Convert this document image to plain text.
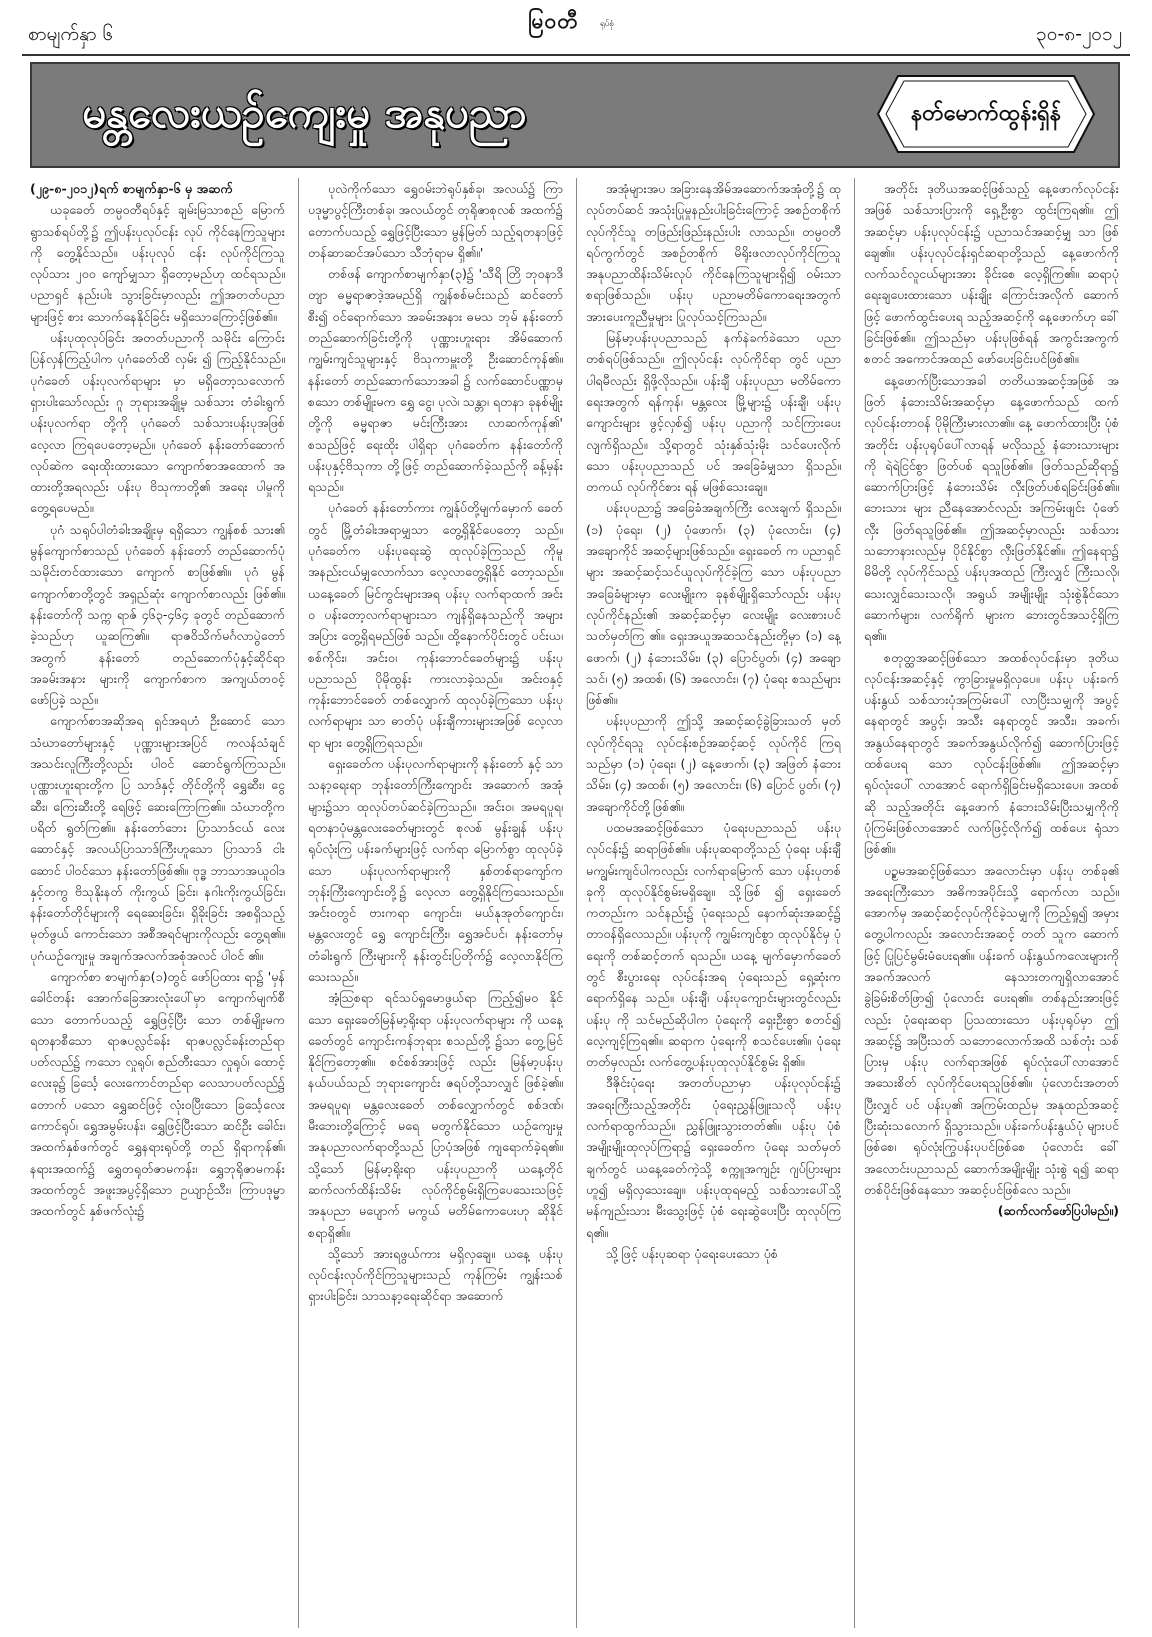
စာမျက်နှာ ၆
မြဝတီ	ရုပ်စုံ	၃၀-၈-၂၀၁၂
မန္တလေးယဉ်ကျေးမှု အနုပညာ	နတ်မောက်ထွန်းရှိန်

(၂၉-၈-၂၀၁၂)ရက် စာမျက်နှာ-၆ မှ အဆက်

ယခုခေတ် တမ္ပဝတီရပ်နှင့် ချမ်းမြသာစည် မြောက် ရွာသစ်ရပ်တို့၌ ဤပန်းပုလုပ်ငန်း လုပ် ကိုင်နေကြသူများကို တွေ့နိုင်သည်။ ပန်းပုလုပ် ငန်း လုပ်ကိုင်ကြသူ လုပ်သား ၂၀၀ ကျော်မျှသာ ရှိတော့မည်ဟု ထင်ရသည်။ ပညာရှင် နည်းပါး သွားခြင်းမှာလည်း ဤအတတ်ပညာများဖြင့် စား သောက်နေနိုင်ခြင်း မရှိသောကြောင့်ဖြစ်၏။

ပန်းပုထုလုပ်ခြင်း အတတ်ပညာကို သမိုင်း ကြောင်း ပြန်လှန်ကြည့်ပါက ပုဂံခေတ်ထိ လှမ်း ၍ ကြည့်နိုင်သည်။ ပုဂံခေတ် ပန်းပုလက်ရာများ မှာ မရှိတော့သလောက် ရှားပါးသော်လည်း ဂူ ဘုရားအချို့မှ သစ်သား တံခါးရွက် ပန်းပုလက်ရာ တို့ကို ပုဂံခေတ် သစ်သားပန်းပုအဖြစ် လေ့လာ ကြရပေတော့မည်။ ပုဂံခေတ် နန်းတော်ဆောက် လုပ်ဆဲက ရေးထိုးထားသော ကျောက်စာအထောက် အထားတို့အရလည်း ပန်းပု ဗိသုကာတို့၏ အရေး ပါမှုကို တွေ့ရပေမည်။

ပုဂံ သရုပ်ပါတံခါးအချိုးမှ ရရှိသော ကျွန်စစ် သား၏ မွန်ကျောက်စာသည် ပုဂံခေတ် နန်းတော် တည်ဆောက်ပုံ သမိုင်းတင်ထားသော ကျောက် စာဖြစ်၏။ ပုဂံ မွန်ကျောက်စာတို့တွင် အရှည်ဆုံး ကျောက်စာလည်း ဖြစ်၏။ နန်းတော်ကို သက္က ရာဇ် ၄၆၃-၄၆၄ ခုတွင် တည်ဆောက်ခဲ့သည်ဟု ယူဆကြ၏။ ရာဇဝိသိက်မင်္ဂလာပွဲတော်အတွက် နန်းတော် တည်ဆောက်ပုံနှင့်ဆိုင်ရာ အခမ်းအနား များကို ကျောက်စာက အကျယ်တဝင့် ဖော်ပြခဲ့ သည်။

ကျောက်စာအဆိုအရ ရှင်အရဟံ ဦးဆောင် သော သံဃာတော်များနှင့် ပုဏ္ဏားများအပြင် ကလန်သံချင် အသင်းလူကြီးတို့လည်း ပါဝင် ဆောင်ရွက်ကြသည်။ ပုဏ္ဏားဟူးရားတို့က ပြ သာဒ်နှင့် တိုင်တို့ကို ရွှေဆီး၊ ငွေဆီး၊ ကြေးဆီးတို့ ရေဖြင့် ဆေးကြောကြ၏။ သံဃာတို့က ပရိတ် ရွတ်ကြ၏။ နန်းတော်ဘေး ပြာသာဒ်ငယ် လေး ဆောင်နှင့် အလယ်ပြာသာဒ်ကြီးဟူသော ပြာသာဒ် ငါးဆောင် ပါဝင်သော နန်းတော်ဖြစ်၏။ ဗုဒ္ဓ ဘာသာအယူဝါဒနှင့်တကွ ဗိသုနိုးနတ် ကိုးကွယ် ခြင်း၊ နဂါးကိုးကွယ်ခြင်း၊ နန်းတော်တိုင်များကို ရေဆေးခြင်း၊ ရှိခိုးခြင်း အစရှိသည့် မုတ်ဖွယ် ကောင်းသော အစီအရင်များကိုလည်း တွေ့ရ၏။ ပုဂံယဉ်ကျေးမှု အချက်အလက်အစုံအလင် ပါဝင် ၏။

ကျောက်စာ စာမျက်နှာ(၁)တွင် ဖော်ပြထား ရာ၌ 'မှန်ခေါင်တန်း အောက်ခြေအားလုံးပေါ်မှာ ကျောက်မျက်စီသော တောက်ပသည့် ရွှေဖြင့်ပြီး သော တစ်မျိုးမက ရတနာစီသော ရာဇပလ္လင်ခန်း ရာဇပလ္လင်ခန်းတည်ရာ ပတ်လည်၌ ကသော လှုရုပ်၊ စည်တီးသော လှုရုပ်၊ ထောင့်လေးခု၌ ခြင်္သေ့ လေးကောင်တည်ရာ လေသာပတ်လည်၌ တောက် ပသော ရွှေဆင်ဖြင့် လုံးဝပြီးသော ခြင်္သေ့လေး ကောင်ရုပ်၊ ရွှေအမွမ်းပန်း၊ ရွှေဖြင့်ပြီးသော ဆင်ဦး ခေါင်း၊ အထက်နှစ်ဖက်တွင် ရွှေနရားရုပ်တို့ တည် ရှိရာကုန်၏၊ နရားအထက်၌ ရွှေတရုတ်ဇာမကန်း၊ ရွှေဘုရိုဇာမကန်းအထက်တွင် အဖူးအပွင့်ရှိသော ဥယျာဉ်သီး၊ ကြာပဒုမ္မာအထက်တွင် နှစ်ဖက်လုံး၌

ပုလဲကိုက်သော ရွှေဝမ်းဘဲရုပ်နှစ်ခု၊ အလယ်၌ ကြာ ပဒုမ္မာပွင့်ကြီးတစ်ခု၊ အလယ်တွင် တုရိုဇာစုလစ် အထက်၌ တောက်ပသည့် ရွှေဖြင့်ပြီးသော မွန်မြတ် သည့်ရတနာဖြင့် တန်ဆာဆင်အပ်သော သီဘုံရာမ ရှိ၏။'

တစ်ဖန် ကျောက်စာမျက်နှာ(၃)၌ 'သီရိ တြိ ဘုဝနာဒိတျာ ဓမ္မရာဇာဒဲ့အမည်ရှိ ကျွန်စစ်မင်းသည် ဆင်တော်စီး၍ ဝင်ရောက်သော အခမ်းအနား ဓမသ ဘုမ် နန်းတော်တည်ဆောက်ခြင်းတို့ကို ပုဏ္ဏားဟူးရား အိမ်ဆောက်ကျွမ်းကျင်သူများနှင့် ဗိသုကာမှူးတို့ ဦးဆောင်ကုန်၏။ နန်းတော် တည်ဆောက်သောအခါ ၌ လက်ဆောင်ပဏ္ဏာမှ စသော တစ်မျိုးမက ရွှေ ငွေ၊ ပုလဲ၊ သန္တာ၊ ရတနာ ခုနစ်မျိုးတို့ကို ဓမ္မရာဇာ မင်းကြီးအား လာဆက်ကုန်၏' စသည်ဖြင့် ရေးထိုး ပါရှိရာ ပုဂံခေတ်က နန်းတော်ကို ပန်းပုနှင့်ဗိသုကာ တို့ဖြင့် တည်ဆောက်ခဲ့သည်ကို ခန့်မှန်းရသည်။

ပုဂံခေတ် နန်းတော်ကား ကျွန်ုပ်တို့မျက်မှောက် ခေတ်တွင် မြို့တံခါးအရာမျှသာ တွေ့ရှိနိုင်ပေတော့ သည်။ ပုဂံခေတ်က ပန်းပုရေးဆွဲ ထုလုပ်ခဲ့ကြသည် ကိုမူ အနည်းငယ်မျှလောက်သာ လေ့လာတွေ့ရှိနိုင် တော့သည်။ ယနေ့ခေတ် မြင်ကွင်းများအရ ပန်းပု လက်ရာထက် အင်းဝ ပန်းတော့လက်ရာများသာ ကျန်ရှိနေသည်ကို အများအပြား တွေ့ရှိရမည်ဖြစ် သည်။ ထို့နောက်ပိုင်းတွင် ပင်းယ၊ စစ်ကိုင်း၊ အင်းဝ၊ ကုန်းဘောင်ခေတ်များ၌ ပန်းပုပညာသည် ပိုမိုထွန်း ကားလာခဲ့သည်။ အင်းဝနှင့် ကုန်းဘောင်ခေတ် တစ်လျှောက် ထုလုပ်ခဲ့ကြသော ပန်းပုလက်ရာများ သာ ဓာတ်ပုံ ပန်းချီကားများအဖြစ် လေ့လာရာ များ တွေ့ရှိကြရသည်။

ရှေးခေတ်က ပန်းပုလက်ရာများကို နန်းတော် နှင့် သာသနာ့ရေးရာ ဘုန်းတော်ကြီးကျောင်း အဆောက် အအုံများ၌သာ ထုလုပ်တပ်ဆင်ခဲ့ကြသည်။ အင်းဝ၊ အမရပူရ၊ ရတနာပုံမန္တလေးခေတ်များတွင် စုလစ် မွန်းချွန် ပန်းပုရုပ်လုံးကြ ပန်းခက်များဖြင့် လက်ရာ မြောက်စွာ ထုလုပ်ခဲ့သော ပန်းပုလက်ရာများကို နှစ်တစ်ရာကျော်က ဘုန်းကြီးကျောင်းတို့၌ လေ့လာ တွေ့ရှိနိုင်ကြသေးသည်။ အင်းဝတွင် ဗားကရာ ကျောင်း၊ မယ်နုအုတ်ကျောင်း၊ မန္တလေးတွင် ရွှေ ကျောင်းကြီး၊ ရွှေအင်ပင်၊ နန်းတော်မှ တံခါးရွက် ကြီးများကို နန်းတွင်းပြတိုက်၌ လေ့လာနိုင်ကြ သေးသည်။

အံ့သြစရာ ရင်သပ်ရှုမောဖွယ်ရာ ကြည့်၍မဝ နိုင်သော ရှေးခေတ်မြန်မာ့ရိုးရာ ပန်းပုလက်ရာများ ကို ယနေ့ခေတ်တွင် ကျောင်းကန်ဘုရား စသည်တို့ ၌သာ တွေ့မြင်နိုင်ကြတော့၏။ စင်စစ်အားဖြင့် လည်း မြန်မာ့ပန်းပုနယ်ပယ်သည် ဘုရားကျောင်း ဇရပ်တို့သာလျှင် ဖြစ်ခဲ့၏။ အမရပူရ၊ မန္တလေးခေတ် တစ်လျှောက်တွင် စစ်ဒဏ်၊ မီးဘေးတို့ကြောင့် မရေ မတွက်နိုင်သော ယဉ်ကျေးမှုအနုပညာလက်ရာတို့သည် ပြာပုံအဖြစ် ကျရောက်ခဲ့ရ၏။ သို့သော် မြန်မာ့ရိုးရာ ပန်းပုပညာကို ယနေ့တိုင် ဆက်လက်ထိန်းသိမ်း လုပ်ကိုင်စွမ်းရှိကြပေသေးသဖြင့် အနုပညာ မပျောက် မကွယ် မတိမ်ကောပေးဟု ဆိုနိုင်စရာရှိ၏။

သို့သော် အားရဖွယ်ကား မရှိလှချေ။ ယနေ့ ပန်းပုလုပ်ငန်းလုပ်ကိုင်ကြသူများသည် ကုန်ကြမ်း ကျွန်းသစ်ရှားပါးခြင်း၊ သာသနာ့ရေးဆိုင်ရာ အဆောက်

အအုံများအပ အခြားနေအိမ်အဆောက်အအုံတို့၌ ထုလုပ်တပ်ဆင် အသုံးပြုမှုနည်းပါးခြင်းကြောင့် အစဉ်တစိုက် လုပ်ကိုင်သူ တဖြည်းဖြည်းနည်းပါး လာသည်။ တမ္ပဝတီရပ်ကွက်တွင် အစဉ်တစိုက် မိရိုးဖလာလုပ်ကိုင်ကြသူ အနုပညာထိန်းသိမ်းလုပ် ကိုင်နေကြသူများရှိ၍ ဝမ်းသာစရာဖြစ်သည်။ ပန်းပု ပညာမတိမ်ကောရေးအတွက် အားပေးကူညီမှုများ ပြုလုပ်သင့်ကြသည်။

မြန်မာ့ပန်းပုပညာသည် နက်နဲခက်ခဲသော ပညာတစ်ရပ်ဖြစ်သည်။ ဤလုပ်ငန်း လုပ်ကိုင်ရာ တွင် ပညာပါရမီလည်း ရှိဖို့လိုသည်။ ပန်းချီ ပန်းပုပညာ မတိမ်ကောရေးအတွက် ရန်ကုန်၊ မန္တလေး မြို့များ၌ ပန်းချီ၊ ပန်းပုကျောင်းများ ဖွင့်လှစ်၍ ပန်းပု ပညာကို သင်ကြားပေးလျက်ရှိသည်။ သို့ရာတွင် သုံးနှစ်သုံးမိုး သင်ပေးလိုက်သော ပန်းပုပညာသည် ပင် အခြေခံမျှသာ ရှိသည်။ တကယ် လုပ်ကိုင်စား ရန် မဖြစ်သေးချေ။

ပန်းပုပညာ၌ အခြေခံအချက်ကြီး လေးချက် ရှိသည်။ (၁) ပုံရေး၊ (၂) ပုံဖောက်၊ (၃) ပုံလောင်း၊ (၄) အချောကိုင် အဆင့်များဖြစ်သည်။ ရှေးခေတ် က ပညာရှင်များ အဆင့်ဆင့်သင်ယူလုပ်ကိုင်ခဲ့ကြ သော ပန်းပုပညာအခြေခံများမှာ လေးမျိုးက ခုနစ်မျိုးရှိသော်လည်း ပန်းပုလုပ်ကိုင်နည်း၏ အဆင့်ဆင့်မှာ လေးမျိုး လေးစားပင် သတ်မှတ်ကြ ၏။ ရှေးအယူအဆသင်နည်းတို့မှာ (၁) နေ့ဖောက်၊ (၂) နံဘေးသိမ်း၊ (၃) ပြောင်ပွတ်၊ (၄) အချော သင်၊ (၅) အထစ်၊ (၆) အလောင်း၊ (၇) ပုံရေး စသည်များ ဖြစ်၏။

ပန်းပုပညာကို ဤသို့ အဆင့်ဆင့်ခွဲခြားသတ် မှတ်လုပ်ကိုင်ရသူ လုပ်ငန်းစဉ်အဆင့်ဆင့် လုပ်ကိုင် ကြရသည်မှာ (၁) ပုံရေး၊ (၂) နေ့ဖောက်၊ (၃) အဖြတ် နံဘေးသိမ်း၊ (၄) အထစ်၊ (၅) အလောင်း၊ (၆) ပြောင် ပွတ်၊ (၇) အချောကိုင်တို့ဖြစ်၏။

ပထမအဆင့်ဖြစ်သော ပုံရေးပညာသည် ပန်းပု လုပ်ငန်း၌ ဆရာဖြစ်၏။ ပန်းပုဆရာတို့သည် ပုံရေး ပန်းချီ မကျွမ်းကျင်ပါကလည်း လက်ရာမြောက် သော ပန်းပုတစ်ခုကို ထုလုပ်နိုင်စွမ်းမရှိချေ။ သို့ဖြစ် ၍ ရှေးခေတ်ကတည်းက သင်နည်း၌ ပုံရေးသည် နောက်ဆုံးအဆင့်၌ တာဝန်ရှိလေသည်။ ပန်းပုကို ကျွမ်းကျင်စွာ ထုလုပ်နိုင်မှ ပုံရေးကို တစ်ဆင့်တက် ရသည်။ ယနေ့ မျက်မှောက်ခေတ်တွင် စီးပွားရေး လုပ်ငန်းအရ ပုံရေးသည် ရှေ့ဆုံးက ရောက်ရှိနေ သည်။ ပန်းချီ၊ ပန်းပုကျောင်းများတွင်လည်း ပန်းပု ကို သင်မည်ဆိုပါက ပုံရေးကို ရှေးဦးစွာ စတင်၍ လေ့ကျင့်ကြရ၏။ ဆရာက ပုံရေးကို စသင်ပေး၏။ ပုံရေးတတ်မှလည်း လက်တွေ့ပန်းပုထုလုပ်နိုင်စွမ်း ရှိ၏။

ဒီဇိုင်းပုံရေး အတတ်ပညာမှာ ပန်းပုလုပ်ငန်း၌ အရေးကြီးသည့်အတိုင်း ပုံရေးညွှန်ဖြူးသလို ပန်းပု လက်ရာထွက်သည်။ ညွှန်ဖြူးသွားတတ်၏။ ပန်းပု ပုံစံအမျိုးမျိုးထုလုပ်ကြရာ၌ ရှေးခေတ်က ပုံရေး သတ်မှတ်ချက်တွင် ယနေ့ခေတ်ကဲ့သို့ စက္ကူအကျဉ်း ဂျပ်ပြားများဟူ၍ မရှိလှသေးချေ။ ပန်းပုထုရမည့် သစ်သားပေါ်သို့ မန်ကျည်းသား မီးသွေးဖြင့် ပုံစံ ရေးဆွဲပေးပြီး ထုလုပ်ကြရ၏။

သို့ဖြင့် ပန်းပုဆရာ ပုံရေးပေးသော ပုံစံ

အတိုင်း ဒုတိယအဆင့်ဖြစ်သည့် နေ့ဖောက်လုပ်ငန်း အဖြစ် သစ်သားပြားကို ရှေ့ဦးစွာ ထွင်းကြရ၏။ ဤအဆင့်မှာ ပန်းပုလုပ်ငန်း၌ ပညာသင်အဆင့်မျှ သာ ဖြစ်ချေ၏။ ပန်းပုလုပ်ငန်းရှင်ဆရာတို့သည် နေ့ဖောက်ကို လက်သင်လူငယ်များအား ခိုင်းစေ လေ့ရှိကြ၏။ ဆရာပုံရေးချပေးထားသော ပန်းချိုး ကြောင်းအလိုက် ဆောက်ဖြင့် ဖောက်ထွင်းပေးရ သည့်အဆင့်ကို နေ့ဖောက်ဟု ခေါ်ခြင်းဖြစ်၏။ ဤသည်မှာ ပန်းပုဖြစ်ရန် အကွင်းအကွက် စတင် အကောင်အထည် ဖော်ပေးခြင်းပင်ဖြစ်၏။

နေ့ဖောက်ပြီးသောအခါ တတိယအဆင့်အဖြစ် အဖြတ် နံဘေးသိမ်းအဆင့်မှာ နေ့ဖောက်သည် ထက် လုပ်ငန်းတာဝန် ပိုမိုကြီးမားလာ၏။ နေ့ ဖောက်ထားပြီး ပုံစံအတိုင်း ပန်းပုရုပ်ပေါ်လာရန် မလိုသည့် နံဘေးသားများကို ရဲရဲငြင်စွာ ဖြတ်ပစ် ရသူဖြစ်၏။ ဖြတ်သည်ဆိုရာ၌ ဆောက်ပြားဖြင့် နံဘေးသိမ်း လှီးဖြတ်ပစ်ရခြင်းဖြစ်၏။ ဘေးသား များ ညီနေအောင်လည်း အကြမ်းဖျင်း ပုံဖော်လှီး ဖြတ်ရသူဖြစ်၏။ ဤအဆင့်မှာလည်း သစ်သား သဘောနားလည်မှ ပိုင်နိုင်စွာ လှီးဖြတ်နိုင်၏။ ဤနေရာ၌ မိမိတို့ လုပ်ကိုင်သည့် ပန်းပုအထည် ကြီးလျှင် ကြီးသလို၊ သေးလျှင်သေးသလို၊ အရွယ် အမျိုးမျိုး သုံးစွဲနိုင်သော ဆောက်များ၊ လက်ရိုက် များက ဘေးတွင်အသင့်ရှိကြရ၏။

စတုတ္ထအဆင့်ဖြစ်သော အထစ်လုပ်ငန်းမှာ ဒုတိယလုပ်ငန်းအဆင့်နှင့် ကွာခြားမှုမရှိလှပေ။ ပန်းပု ပန်းခက် ပန်းနွယ် သစ်သားပုံအကြမ်းပေါ် လာပြီးသမျှကို အပွင့်နေရာတွင် အပွင့်၊ အသီး နေရာတွင် အသီး၊ အခက်၊ အနွယ်နေရာတွင် အခက်အနွယ်လိုက်၍ ဆောက်ပြားဖြင့် ထစ်ပေးရ သော လုပ်ငန်းဖြစ်၏။ ဤအဆင့်မှာ ရုပ်လုံးပေါ် လာအောင် ရောက်ရှိခြင်းမရှိသေးပေ။ အထစ်ဆို သည့်အတိုင်း နေ့ဖောက် နံဘေးသိမ်းပြီးသမျှကိုကို ပုံကြမ်းဖြစ်လာအောင် လက်ဖြင့်လိုက်၍ ထစ်ပေး ရုံသာဖြစ်၏။

ပဉ္စမအဆင့်ဖြစ်သော အလောင်းမှာ ပန်းပု တစ်ခု၏ အရေးကြီးသော အဓိကအပိုင်းသို့ ရောက်လာ သည်။ အောက်မှ အဆင့်ဆင့်လုပ်ကိုင်ခဲ့သမျှကို ကြည့်ရှု၍ အမှားတွေ့ပါကလည်း အလောင်းအဆင့် တတ် သူက ဆောက်ဖြင့် ပြုပြင်မွမ်းမံပေးရ၏။ ပန်းခက် ပန်းနွယ်ကလေးများကို အခက်အလက် နေသားတကျရှိလာအောင် ခွဲခြမ်းစိတ်ဖြာ၍ ပုံလောင်း ပေးရ၏။ တစ်နည်းအားဖြင့်လည်း ပုံရေးဆရာ ပြသထားသော ပန်းပုရုပ်မှာ ဤအဆင့်၌ အပြီးသတ် သဘောလောက်အထိ သစ်တုံး သစ်ပြားမှ ပန်းပု လက်ရာအဖြစ် ရုပ်လုံးပေါ်လာအောင် အသေးစိတ် လုပ်ကိုင်ပေးရသူဖြစ်၏။ ပုံလောင်းအတတ်ပြီးလျှင် ပင် ပန်းပု၏ အကြမ်းထည်မှ အနုထည်အဆင့် ပြီးဆုံးသလောက် ရှိသွားသည်။ ပန်းခက်ပန်းနွယ်ပုံ များပင်ဖြစ်စေ၊ ရုပ်လုံးကြွပန်းပုပင်ဖြစ်စေ ပုံလောင်း ခေါ် အလောင်းပညာသည် ဆောက်အမျိုးမျိုး သုံးစွဲ ရ၍ ဆရာတစ်ပိုင်းဖြစ်နေသော အဆင့်ပင်ဖြစ်လေ သည်။

(ဆက်လက်ဖော်ပြပါမည်။)
